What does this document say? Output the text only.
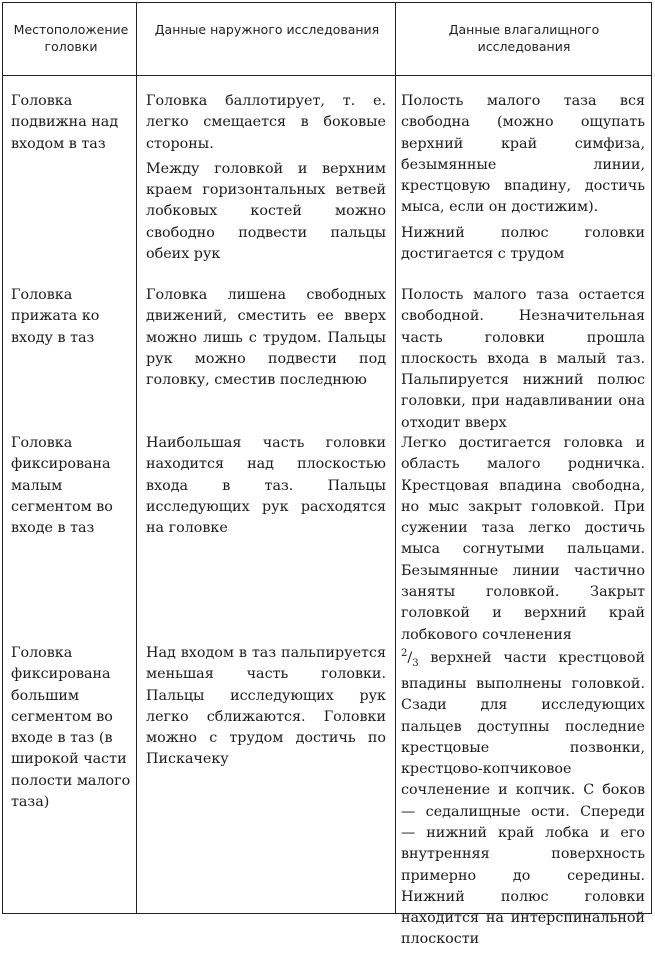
Местоположение головки
Данные наружного исследования	Данные влагалищного исследования
Головка подвижна над входом в таз

Головка баллотирует, т. е. легко смещается в боковые стороны.

Между головкой и верхним краем горизонтальных ветвей лобковых костей можно свободно подвести пальцы обеих рук

Полость малого таза вся свободна (можно ощупать верхний край симфиза, безымянные линии, крестцовую впадину, достичь мыса, если он достижим).

Нижний полюс головки достигается с трудом

Головка прижата ко входу в таз

Головка лишена свободных движений, сместить ее вверх можно лишь с трудом. Пальцы рук можно подвести под головку, сместив последнюю

Полость малого таза остается свободной. Незначительная часть головки прошла плоскость входа в малый таз. Пальпируется нижний полюс головки, при надавливании она отходит вверх

Головка фиксирована малым сегментом во входе в таз

Наибольшая часть головки находится над плоскостью входа в таз. Пальцы исследующих рук расходятся на головке

Легко достигается головка и область малого родничка. Крестцовая впадина свободна, но мыс закрыт головкой. При сужении таза легко достичь мыса согнутыми пальцами. Безымянные линии частично заняты головкой. Закрыт головкой и верхний край лобкового сочленения

Головка фиксирована большим сегментом во входе в таз (в широкой части полости малого таза)

Над входом в таз пальпируется меньшая часть головки. Пальцы исследующих рук легко сближаются. Головки можно с трудом достичь по Пискачеку

$^2/_3$ верхней части крестцовой впадины выполнены головкой. Сзади для исследующих пальцев доступны последние крестцовые позвонки, крестцово-копчиковое сочленение и копчик. С боков — седалищные ости. Спереди — нижний край лобка и его внутренняя поверхность примерно до середины. Нижний полюс головки находится на интерспинальной плоскости
